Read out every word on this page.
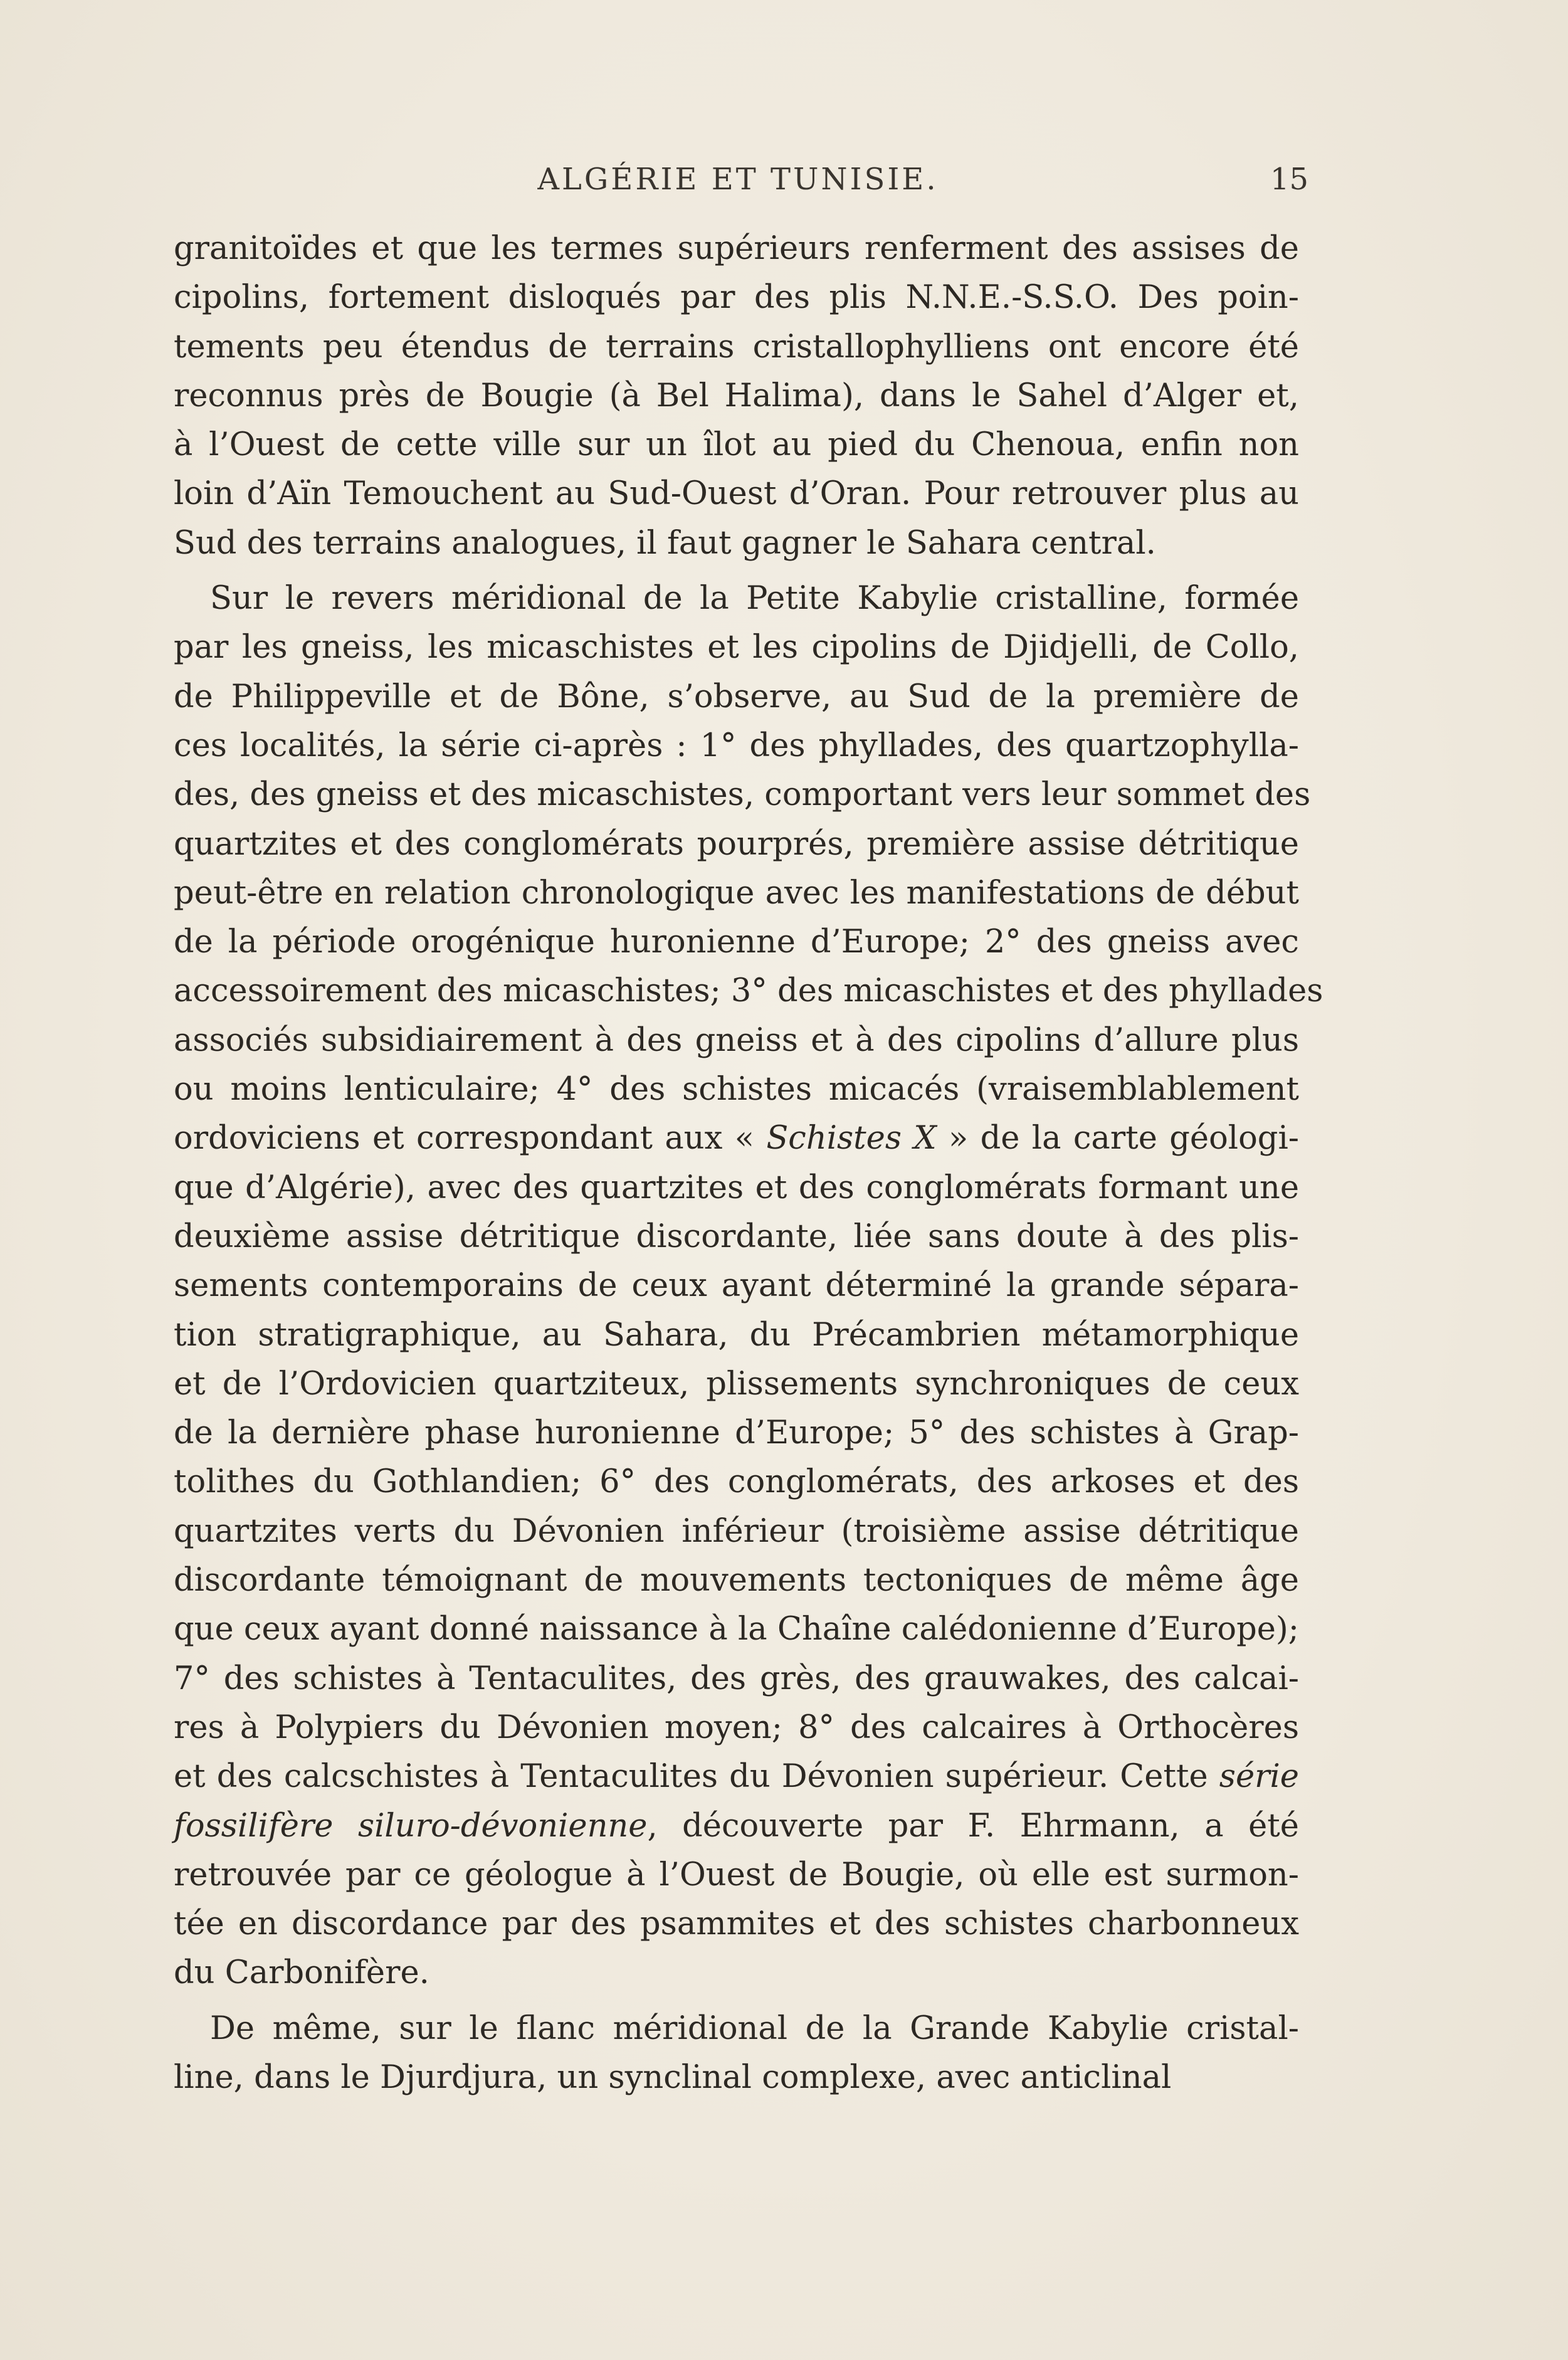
ALGÉRIE ET TUNISIE.	15
granitoïdes et que les termes supérieurs renferment des assises de
cipolins, fortement disloqués par des plis N.N.E.-S.S.O. Des poin-
tements peu étendus de terrains cristallophylliens ont encore été
reconnus près de Bougie (à Bel Halima), dans le Sahel d’Alger et,
à l’Ouest de cette ville sur un îlot au pied du Chenoua, enfin non
loin d’Aïn Temouchent au Sud-Ouest d’Oran. Pour retrouver plus au
Sud des terrains analogues, il faut gagner le Sahara central.
Sur le revers méridional de la Petite Kabylie cristalline, formée
par les gneiss, les micaschistes et les cipolins de Djidjelli, de Collo,
de Philippeville et de Bône, s’observe, au Sud de la première de
ces localités, la série ci-après : 1° des phyllades, des quartzophylla-
des, des gneiss et des micaschistes, comportant vers leur sommet des
quartzites et des conglomérats pourprés, première assise détritique
peut-être en relation chronologique avec les manifestations de début
de la période orogénique huronienne d’Europe; 2° des gneiss avec
accessoirement des micaschistes; 3° des micaschistes et des phyllades
associés subsidiairement à des gneiss et à des cipolins d’allure plus
ou moins lenticulaire; 4° des schistes micacés (vraisemblablement
ordoviciens et correspondant aux « Schistes X » de la carte géologi-
que d’Algérie), avec des quartzites et des conglomérats formant une
deuxième assise détritique discordante, liée sans doute à des plis-
sements contemporains de ceux ayant déterminé la grande sépara-
tion stratigraphique, au Sahara, du Précambrien métamorphique
et de l’Ordovicien quartziteux, plissements synchroniques de ceux
de la dernière phase huronienne d’Europe; 5° des schistes à Grap-
tolithes du Gothlandien; 6° des conglomérats, des arkoses et des
quartzites verts du Dévonien inférieur (troisième assise détritique
discordante témoignant de mouvements tectoniques de même âge
que ceux ayant donné naissance à la Chaîne calédonienne d’Europe);
7° des schistes à Tentaculites, des grès, des grauwakes, des calcai-
res à Polypiers du Dévonien moyen; 8° des calcaires à Orthocères
et des calcschistes à Tentaculites du Dévonien supérieur. Cette série
fossilifère siluro-dévonienne, découverte par F. Ehrmann, a été
retrouvée par ce géologue à l’Ouest de Bougie, où elle est surmon-
tée en discordance par des psammites et des schistes charbonneux
du Carbonifère.
De même, sur le flanc méridional de la Grande Kabylie cristal-
line, dans le Djurdjura, un synclinal complexe, avec anticlinal
